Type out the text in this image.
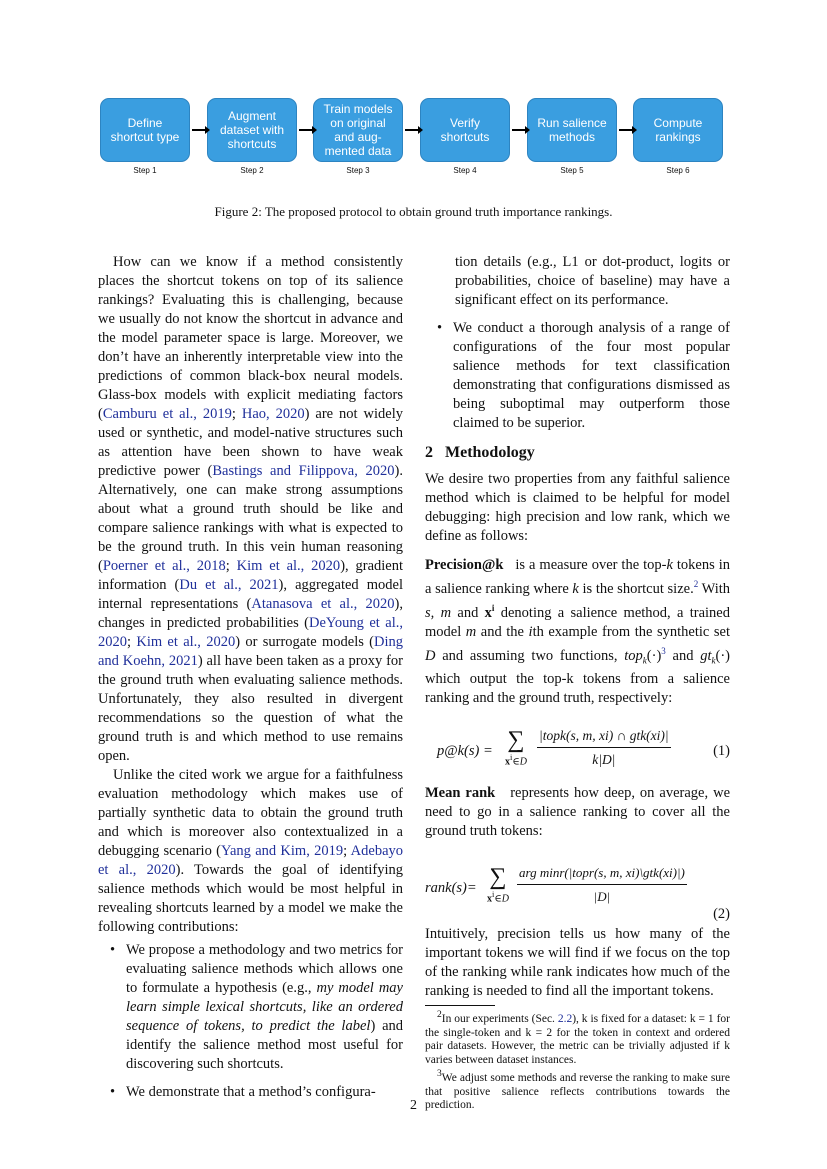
Define
shortcut type
Augment
dataset with
shortcuts
Train models
on original
and aug-
mented data
Verify
shortcuts
Run salience
methods
Compute
rankings
Step 1	Step 2	Step 3	Step 4	Step 5	Step 6
Figure 2: The proposed protocol to obtain ground truth importance rankings.

How can we know if a method consistently places the shortcut tokens on top of its salience rankings? Evaluating this is challenging, because we usually do not know the shortcut in advance and the model parameter space is large. Moreover, we don’t have an inherently interpretable view into the predictions of common black-box neural models. Glass-box models with explicit mediating factors (Camburu et al., 2019; Hao, 2020) are not widely used or synthetic, and model-native structures such as attention have been shown to have weak predictive power (Bastings and Filippova, 2020). Alternatively, one can make strong assumptions about what a ground truth should be like and compare salience rankings with what is expected to be the ground truth. In this vein human reasoning (Poerner et al., 2018; Kim et al., 2020), gradient information (Du et al., 2021), aggregated model internal representations (Atanasova et al., 2020), changes in predicted probabilities (DeYoung et al., 2020; Kim et al., 2020) or surrogate models (Ding and Koehn, 2021) all have been taken as a proxy for the ground truth when evaluating salience methods. Unfortunately, they also resulted in divergent recommendations so the question of what the ground truth is and which method to use remains open.

Unlike the cited work we argue for a faithfulness evaluation methodology which makes use of partially synthetic data to obtain the ground truth and which is moreover also contextualized in a debugging scenario (Yang and Kim, 2019; Adebayo et al., 2020). Towards the goal of identifying salience methods which would be most helpful in revealing shortcuts learned by a model we make the following contributions:

• We propose a methodology and two metrics for evaluating salience methods which allows one to formulate a hypothesis (e.g., my model may learn simple lexical shortcuts, like an ordered sequence of tokens, to predict the label) and identify the salience method most useful for discovering such shortcuts.
• We demonstrate that a method’s configura-

tion details (e.g., L1 or dot-product, logits or probabilities, choice of baseline) may have a significant effect on its performance.

• We conduct a thorough analysis of a range of configurations of the four most popular salience methods for text classification demonstrating that configurations dismissed as being suboptimal may outperform those claimed to be superior.

2 Methodology

We desire two properties from any faithful salience method which is claimed to be helpful for model debugging: high precision and low rank, which we define as follows:

Precision@k is a measure over the top-k tokens in a salience ranking where k is the shortcut size.$^2$ With s, m and $x^i$ denoting a salience method, a trained model m and the ith example from the synthetic set D and assuming two functions, top$_k$(·)$^3$ and $gt_k(\cdot)$ which output the top-k tokens from a salience ranking and the ground truth, respectively:

p@k(s) = ∑
$x^i\in D$
|topk(s, m, xi) ∩ gtk(xi)|
k|D|
(1)

Mean rank represents how deep, on average, we need to go in a salience ranking to cover all the ground truth tokens:

rank(s)= ∑
$x^i\in D$
arg minr(|topr(s, m, xi)\gtk(xi)|)
|D|
(2)

Intuitively, precision tells us how many of the important tokens we will find if we focus on the top of the ranking while rank indicates how much of the ranking is needed to find all the important tokens.

$^2$In our experiments (Sec. 2.2), k is fixed for a dataset: k = 1 for the single-token and k = 2 for the token in context and ordered pair datasets. However, the metric can be trivially adjusted if k varies between dataset instances.

$^3$We adjust some methods and reverse the ranking to make sure that positive salience reflects contributions towards the prediction.

2
